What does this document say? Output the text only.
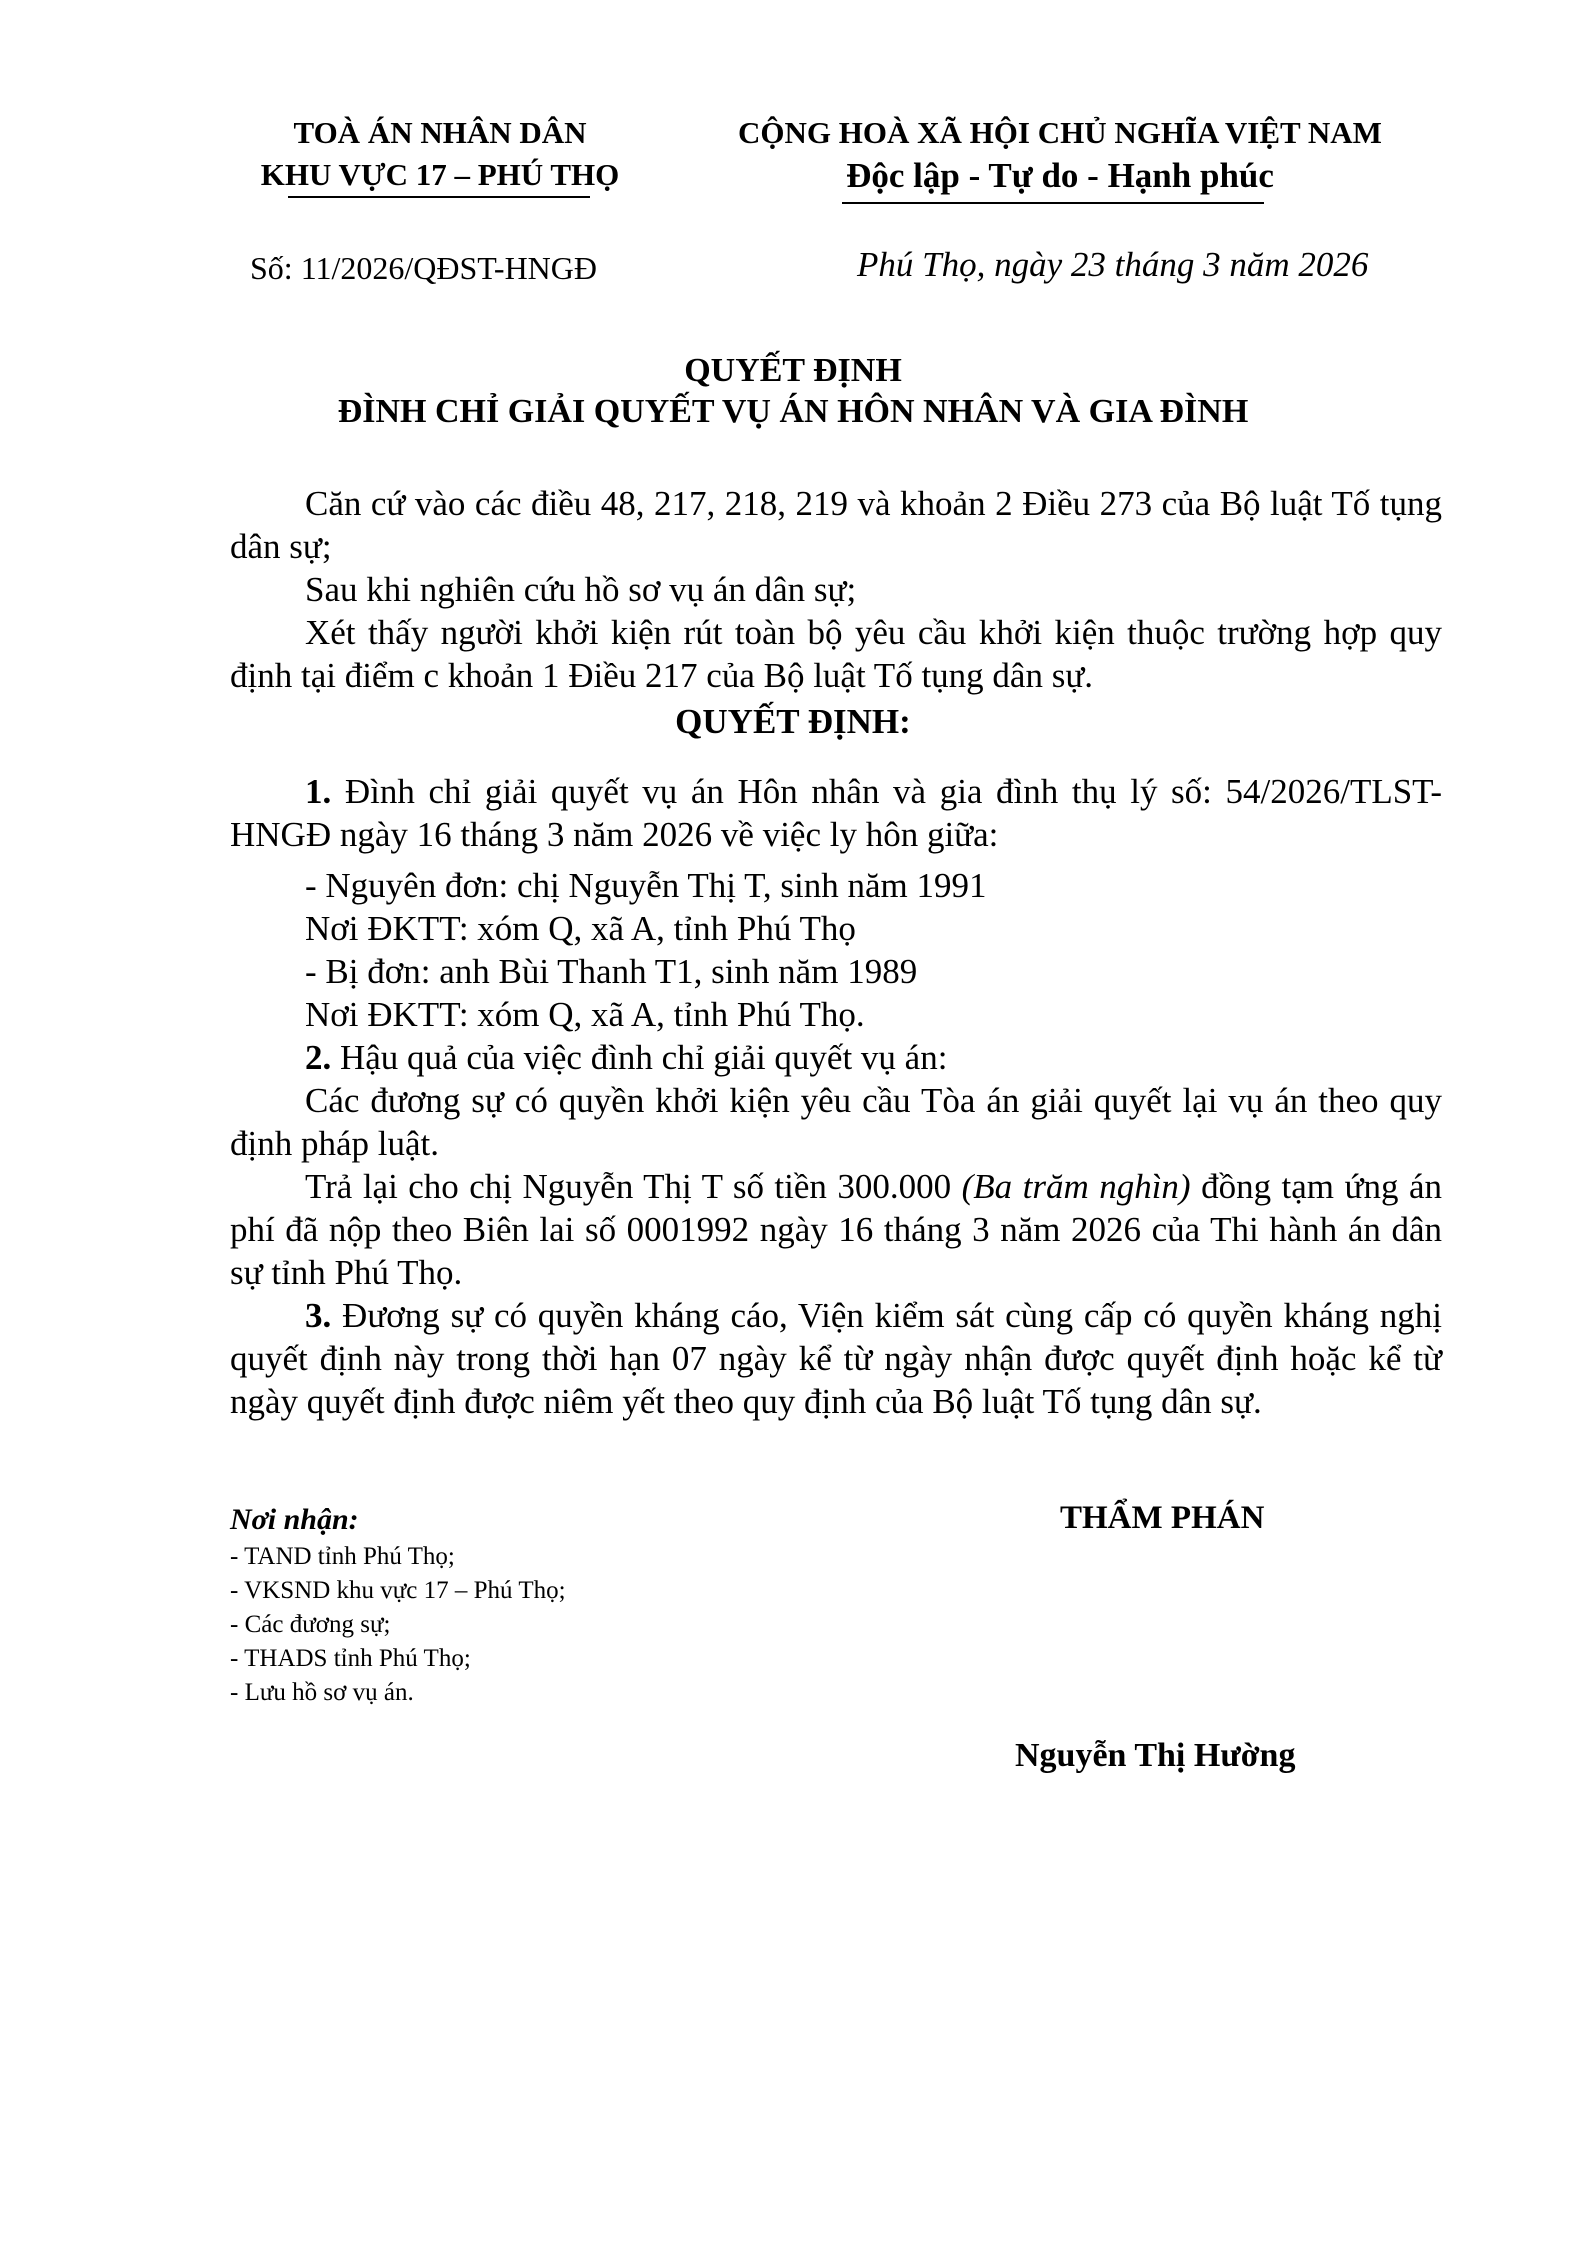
TOÀ ÁN NHÂN DÂN
KHU VỰC 17 – PHÚ THỌ
CỘNG HOÀ XÃ HỘI CHỦ NGHĨA VIỆT NAM
Độc lập - Tự do - Hạnh phúc
Số: 11/2026/QĐST-HNGĐ	Phú Thọ, ngày 23 tháng 3 năm 2026
QUYẾT ĐỊNH
ĐÌNH CHỈ GIẢI QUYẾT VỤ ÁN HÔN NHÂN VÀ GIA ĐÌNH
Căn cứ vào các điều 48, 217, 218, 219 và khoản 2 Điều 273 của Bộ luật Tố tụng dân sự;
Sau khi nghiên cứu hồ sơ vụ án dân sự;
Xét thấy người khởi kiện rút toàn bộ yêu cầu khởi kiện thuộc trường hợp quy định tại điểm c khoản 1 Điều 217 của Bộ luật Tố tụng dân sự.
QUYẾT ĐỊNH:
1. Đình chỉ giải quyết vụ án Hôn nhân và gia đình thụ lý số: 54/2026/TLST- HNGĐ ngày 16 tháng 3 năm 2026 về việc ly hôn giữa:
- Nguyên đơn: chị Nguyễn Thị T, sinh năm 1991
Nơi ĐKTT: xóm Q, xã A, tỉnh Phú Thọ
- Bị đơn: anh Bùi Thanh T1, sinh năm 1989
Nơi ĐKTT: xóm Q, xã A, tỉnh Phú Thọ.
2. Hậu quả của việc đình chỉ giải quyết vụ án:
Các đương sự có quyền khởi kiện yêu cầu Tòa án giải quyết lại vụ án theo quy định pháp luật.
Trả lại cho chị Nguyễn Thị T số tiền 300.000 (Ba trăm nghìn) đồng tạm ứng án phí đã nộp theo Biên lai số 0001992 ngày 16 tháng 3 năm 2026 của Thi hành án dân sự tỉnh Phú Thọ.
3. Đương sự có quyền kháng cáo, Viện kiểm sát cùng cấp có quyền kháng nghị quyết định này trong thời hạn 07 ngày kể từ ngày nhận được quyết định hoặc kể từ ngày quyết định được niêm yết theo quy định của Bộ luật Tố tụng dân sự.
Nơi nhận:
- TAND tỉnh Phú Thọ;
- VKSND khu vực 17 – Phú Thọ;
- Các đương sự;
- THADS tỉnh Phú Thọ;
- Lưu hồ sơ vụ án.
THẨM PHÁN
Nguyễn Thị Hường
